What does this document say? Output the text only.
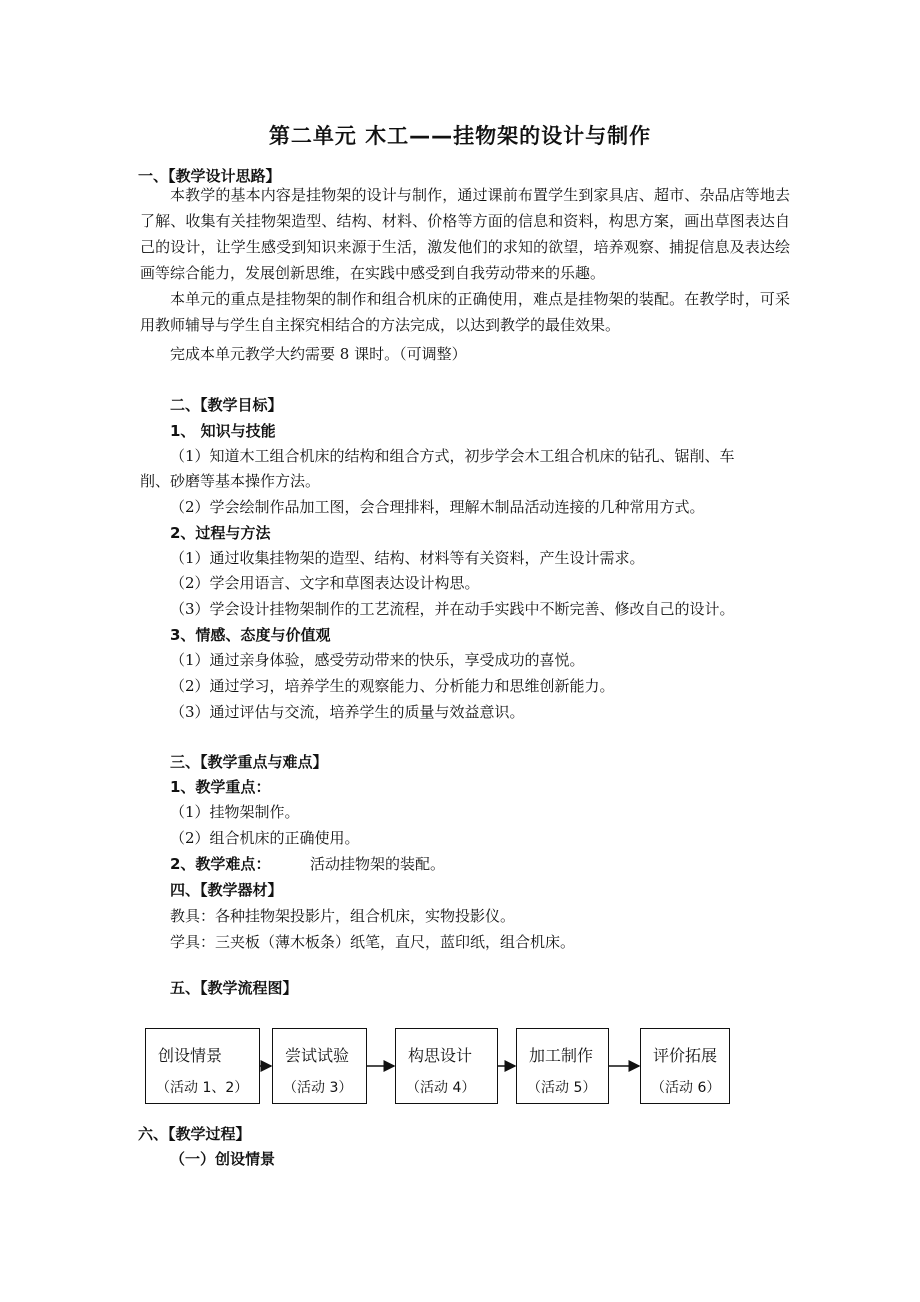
第二单元 木工——挂物架的设计与制作
一、【教学设计思路】
本教学的基本内容是挂物架的设计与制作，通过课前布置学生到家具店、超市、杂品店等地去了解、收集有关挂物架造型、结构、材料、价格等方面的信息和资料，构思方案，画出草图表达自己的设计，让学生感受到知识来源于生活，激发他们的求知的欲望，培养观察、捕捉信息及表达绘画等综合能力，发展创新思维，在实践中感受到自我劳动带来的乐趣。
本单元的重点是挂物架的制作和组合机床的正确使用，难点是挂物架的装配。在教学时，可采用教师辅导与学生自主探究相结合的方法完成，以达到教学的最佳效果。
完成本单元教学大约需要 8 课时。（可调整）
二、【教学目标】
1、 知识与技能
（1）知道木工组合机床的结构和组合方式，初步学会木工组合机床的钻孔、锯削、车
削、砂磨等基本操作方法。
（2）学会绘制作品加工图，会合理排料，理解木制品活动连接的几种常用方式。
2、过程与方法
（1）通过收集挂物架的造型、结构、材料等有关资料，产生设计需求。
（2）学会用语言、文字和草图表达设计构思。
（3）学会设计挂物架制作的工艺流程，并在动手实践中不断完善、修改自己的设计。
3、情感、态度与价值观
（1）通过亲身体验，感受劳动带来的快乐，享受成功的喜悦。
（2）通过学习，培养学生的观察能力、分析能力和思维创新能力。
（3）通过评估与交流，培养学生的质量与效益意识。
三、【教学重点与难点】
1、教学重点：
（1）挂物架制作。
（2）组合机床的正确使用。
2、教学难点：	活动挂物架的装配。
四、【教学器材】
教具：各种挂物架投影片，组合机床，实物投影仪。
学具：三夹板（薄木板条）纸笔，直尺，蓝印纸，组合机床。
五、【教学流程图】
创设情景
（活动 1、2）
尝试试验
（活动 3）
构思设计
（活动 4）
加工制作
（活动 5）
评价拓展
（活动 6）
六、【教学过程】
（一）创设情景
